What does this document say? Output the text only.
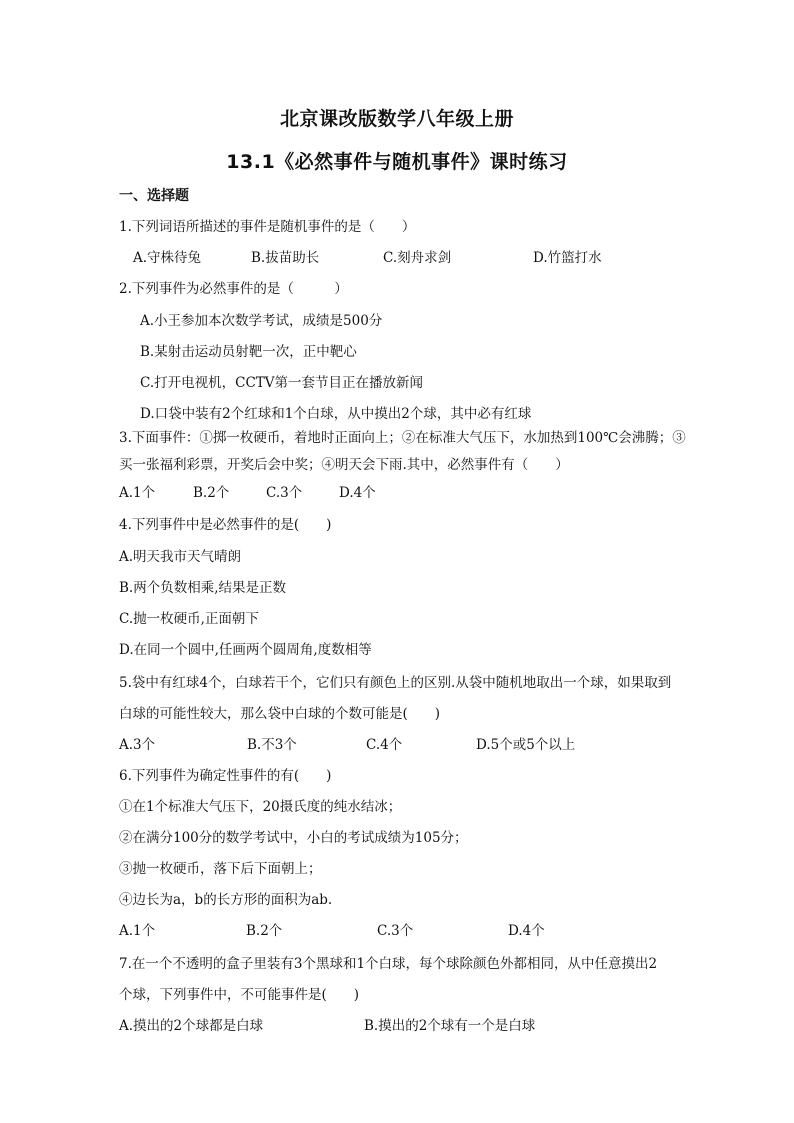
北京课改版数学八年级上册
13.1《必然事件与随机事件》课时练习
一、选择题
1.下列词语所描述的事件是随机事件的是（　　）
A.守株待兔	B.拔苗助长	C.刻舟求剑	D.竹篮打水
2.下列事件为必然事件的是（　　　）
A.小王参加本次数学考试，成绩是500分
B.某射击运动员射靶一次，正中靶心
C.打开电视机，CCTV第一套节目正在播放新闻
D.口袋中装有2个红球和1个白球，从中摸出2个球，其中必有红球
3.下面事件：①掷一枚硬币，着地时正面向上；②在标准大气压下，水加热到100℃会沸腾；③
买一张福利彩票，开奖后会中奖；④明天会下雨.其中，必然事件有（　　）
A.1个	B.2个	C.3个	D.4个
4.下列事件中是必然事件的是(　　)
A.明天我市天气晴朗
B.两个负数相乘,结果是正数
C.抛一枚硬币,正面朝下
D.在同一个圆中,任画两个圆周角,度数相等
5.袋中有红球4个，白球若干个，它们只有颜色上的区别.从袋中随机地取出一个球，如果取到
白球的可能性较大，那么袋中白球的个数可能是(　　)
A.3个	B.不3个	C.4个	D.5个或5个以上
6.下列事件为确定性事件的有(　　)
①在1个标准大气压下，20摄氏度的纯水结冰；
②在满分100分的数学考试中，小白的考试成绩为105分；
③抛一枚硬币，落下后下面朝上；
④边长为a，b的长方形的面积为ab.
A.1个	B.2个	C.3个	D.4个
7.在一个不透明的盒子里装有3个黑球和1个白球，每个球除颜色外都相同，从中任意摸出2
个球，下列事件中，不可能事件是(　　)
A.摸出的2个球都是白球	B.摸出的2个球有一个是白球
